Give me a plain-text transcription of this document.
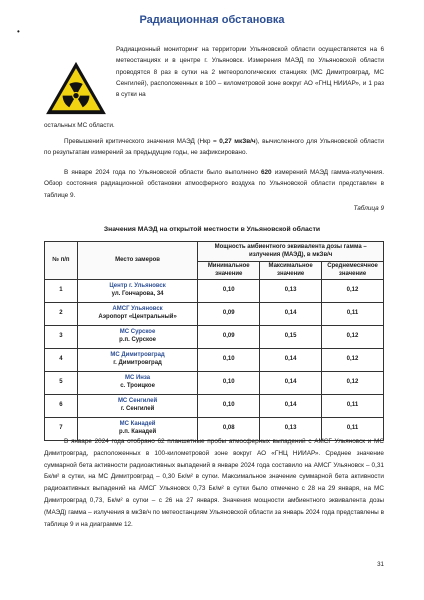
•
Радиационная обстановка

Радиационный мониторинг на территории Ульяновской области осуществляется на 6 метеостанциях и в центре г. Ульяновск. Измерения МАЭД по Ульяновской области проводятся 8 раз в сутки на 2 метеорологических станциях (МС Димитровград, МС Сенгилей), расположенных в 100 – километровой зоне вокруг АО «ГНЦ НИИАР», и 1 раз в сутки на

остальных МС области.

Превышений критического значения МАЭД (Нкр = 0,27 мкЗв/ч), вычисленного для Ульяновской области по результатам измерений за предыдущие годы, не зафиксировано.

В январе 2024 года по Ульяновской области было выполнено 620 измерений МАЭД гамма-излучения. Обзор состояния радиационной обстановки атмосферного воздуха по Ульяновской области представлен в таблице 9.

Таблица 9
Значения МАЭД на открытой местности в Ульяновской области
№ п/п	Место замеров	Мощность амбиентного эквивалента дозы гамма – излучения (МАЭД), в мкЗв/ч		
		Минимальное значение	Максимальное значение	Среднемесячное значение
1	Центр г. Ульяновск
ул. Гончарова, 34	0,10	0,13	0,12
2	АМСГ Ульяновск
Аэропорт «Центральный»	0,09	0,14	0,11
3	МС Сурское
р.п. Сурское	0,09	0,15	0,12
4	МС Димитровград
г. Димитровград	0,10	0,14	0,12
5	МС Инза
с. Троицкое	0,10	0,14	0,12
6	МС Сенгилей
г. Сенгилей	0,10	0,14	0,11
7	МС Канадей
р.п. Канадей	0,08	0,13	0,11

В январе 2024 года отобрано 62 планшетные пробы атмосферных выпадений с АМСГ Ульяновск и МС Димитровград, расположенных в 100-километровой зоне вокруг АО «ГНЦ НИИАР». Среднее значение суммарной бета активности радиоактивных выпадений в январе 2024 года составило на АМСГ Ульяновск – 0,31 Бк/м² в сутки, на МС Димитровград – 0,30 Бк/м² в сутки. Максимальное значение суммарной бета активности радиоактивных выпадений на АМСГ Ульяновск 0,73 Бк/м² в сутки было отмечено с 28 на 29 января, на МС Димитровград 0,73, Бк/м² в сутки – с 26 на 27 января. Значения мощности амбиентного эквивалента дозы (МАЭД) гамма – излучения в мкЗв/ч по метеостанциям Ульяновской области за январь 2024 года представлены в таблице 9 и на диаграмме 12.

31
